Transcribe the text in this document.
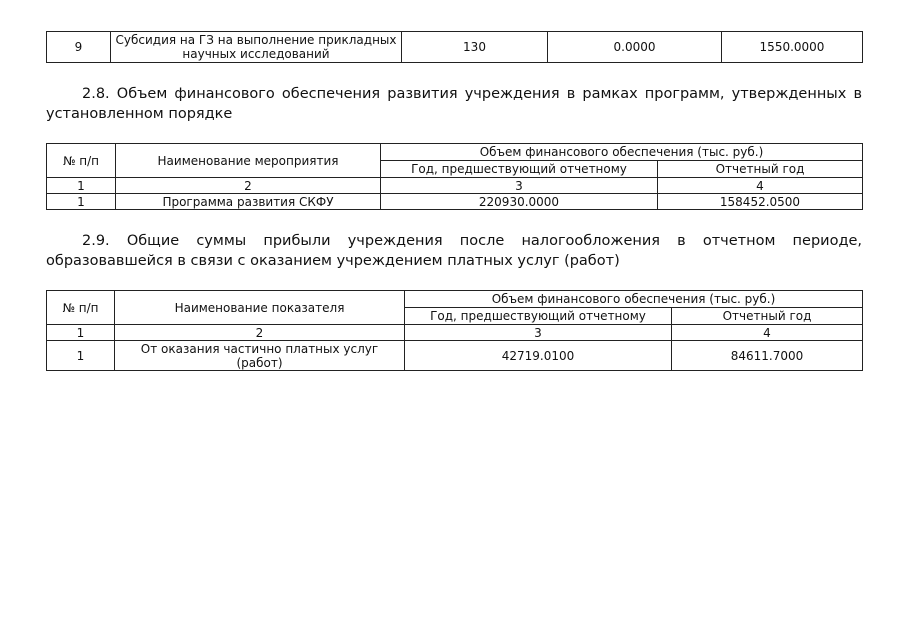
9	Субсидия на ГЗ на выполнение прикладных научных исследований	130	0.0000	1550.0000
2.8. Объем финансового обеспечения развития учреждения в рамках программ, утвержденных в установленном порядке
№ п/п	Наименование мероприятия	Объем финансового обеспечения (тыс. руб.)	
		Год, предшествующий отчетному	Отчетный год
1	2	3	4
1	Программа развития СКФУ	220930.0000	158452.0500
2.9. Общие суммы прибыли учреждения после налогообложения в отчетном периоде, образовавшейся в связи с оказанием учреждением платных услуг (работ)
№ п/п	Наименование показателя	Объем финансового обеспечения (тыс. руб.)	
		Год, предшествующий отчетному	Отчетный год
1	2	3	4
1	От оказания частично платных услуг (работ)	42719.0100	84611.7000
